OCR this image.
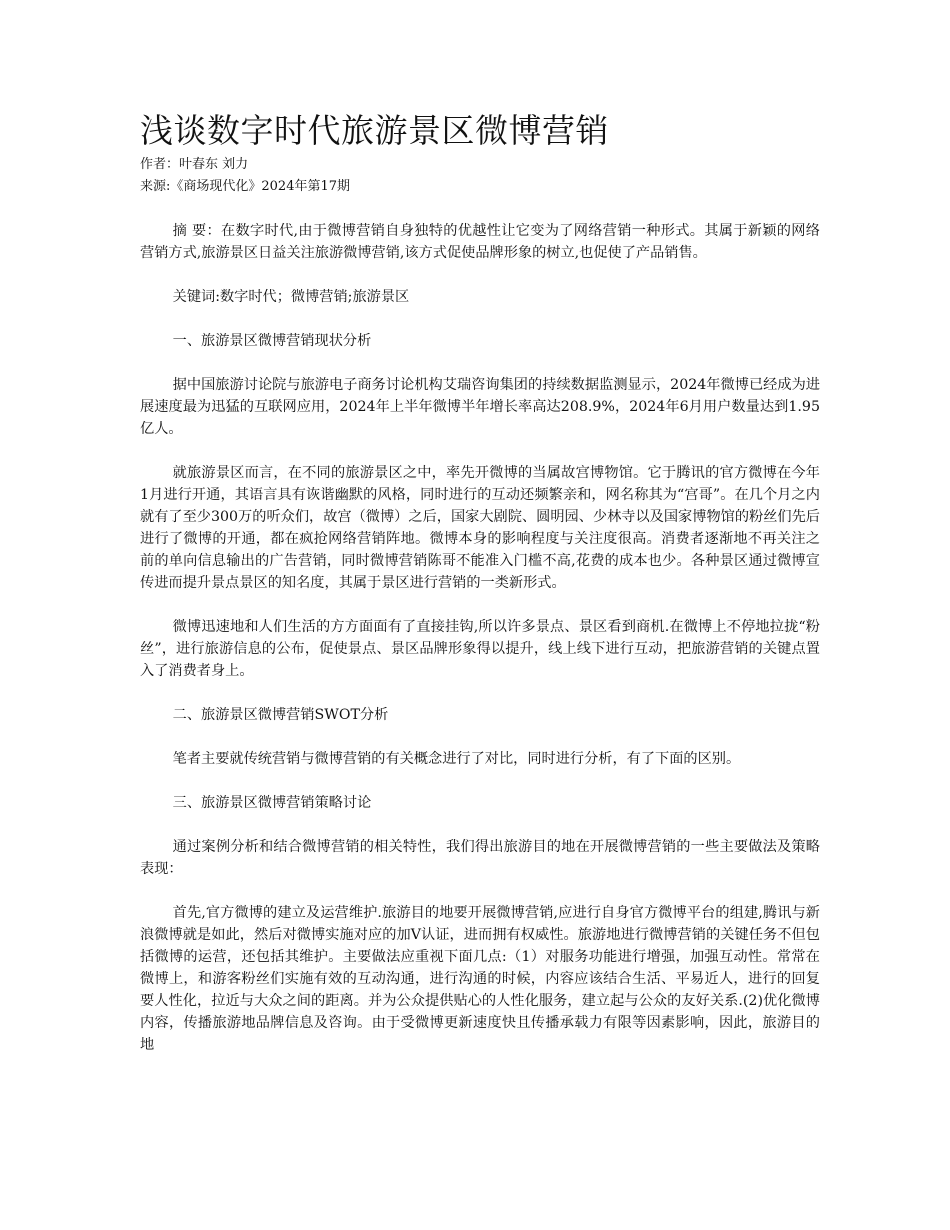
浅谈数字时代旅游景区微博营销

作者：叶春东 刘力

来源:《商场现代化》2024年第17期

摘 要：在数字时代,由于微博营销自身独特的优越性让它变为了网络营销一种形式。其属于新颖的网络营销方式,旅游景区日益关注旅游微博营销,该方式促使品牌形象的树立,也促使了产品销售。

关键词:数字时代；微博营销;旅游景区

一、旅游景区微博营销现状分析

据中国旅游讨论院与旅游电子商务讨论机构艾瑞咨询集团的持续数据监测显示，2024年微博已经成为进展速度最为迅猛的互联网应用，2024年上半年微博半年增长率高达208.9%，2024年6月用户数量达到1.95亿人。

就旅游景区而言，在不同的旅游景区之中，率先开微博的当属故宫博物馆。它于腾讯的官方微博在今年1月进行开通，其语言具有诙谐幽默的风格，同时进行的互动还频繁亲和，网名称其为“宫哥”。在几个月之内就有了至少300万的听众们，故宫（微博）之后，国家大剧院、圆明园、少林寺以及国家博物馆的粉丝们先后进行了微博的开通，都在疯抢网络营销阵地。微博本身的影响程度与关注度很高。消费者逐渐地不再关注之前的单向信息输出的广告营销，同时微博营销陈哥不能准入门槛不高,花费的成本也少。各种景区通过微博宣传进而提升景点景区的知名度，其属于景区进行营销的一类新形式。

微博迅速地和人们生活的方方面面有了直接挂钩,所以许多景点、景区看到商机.在微博上不停地拉拢“粉丝”，进行旅游信息的公布，促使景点、景区品牌形象得以提升，线上线下进行互动，把旅游营销的关键点置入了消费者身上。

二、旅游景区微博营销SWOT分析

笔者主要就传统营销与微博营销的有关概念进行了对比，同时进行分析，有了下面的区别。

三、旅游景区微博营销策略讨论

通过案例分析和结合微博营销的相关特性，我们得出旅游目的地在开展微博营销的一些主要做法及策略表现：

首先,官方微博的建立及运营维护.旅游目的地要开展微博营销,应进行自身官方微博平台的组建,腾讯与新浪微博就是如此，然后对微博实施对应的加V认证，进而拥有权威性。旅游地进行微博营销的关键任务不但包括微博的运营，还包括其维护。主要做法应重视下面几点:（1）对服务功能进行增强，加强互动性。常常在微博上，和游客粉丝们实施有效的互动沟通，进行沟通的时候，内容应该结合生活、平易近人，进行的回复要人性化，拉近与大众之间的距离。并为公众提供贴心的人性化服务，建立起与公众的友好关系.(2)优化微博内容，传播旅游地品牌信息及咨询。由于受微博更新速度快且传播承载力有限等因素影响，因此，旅游目的地
